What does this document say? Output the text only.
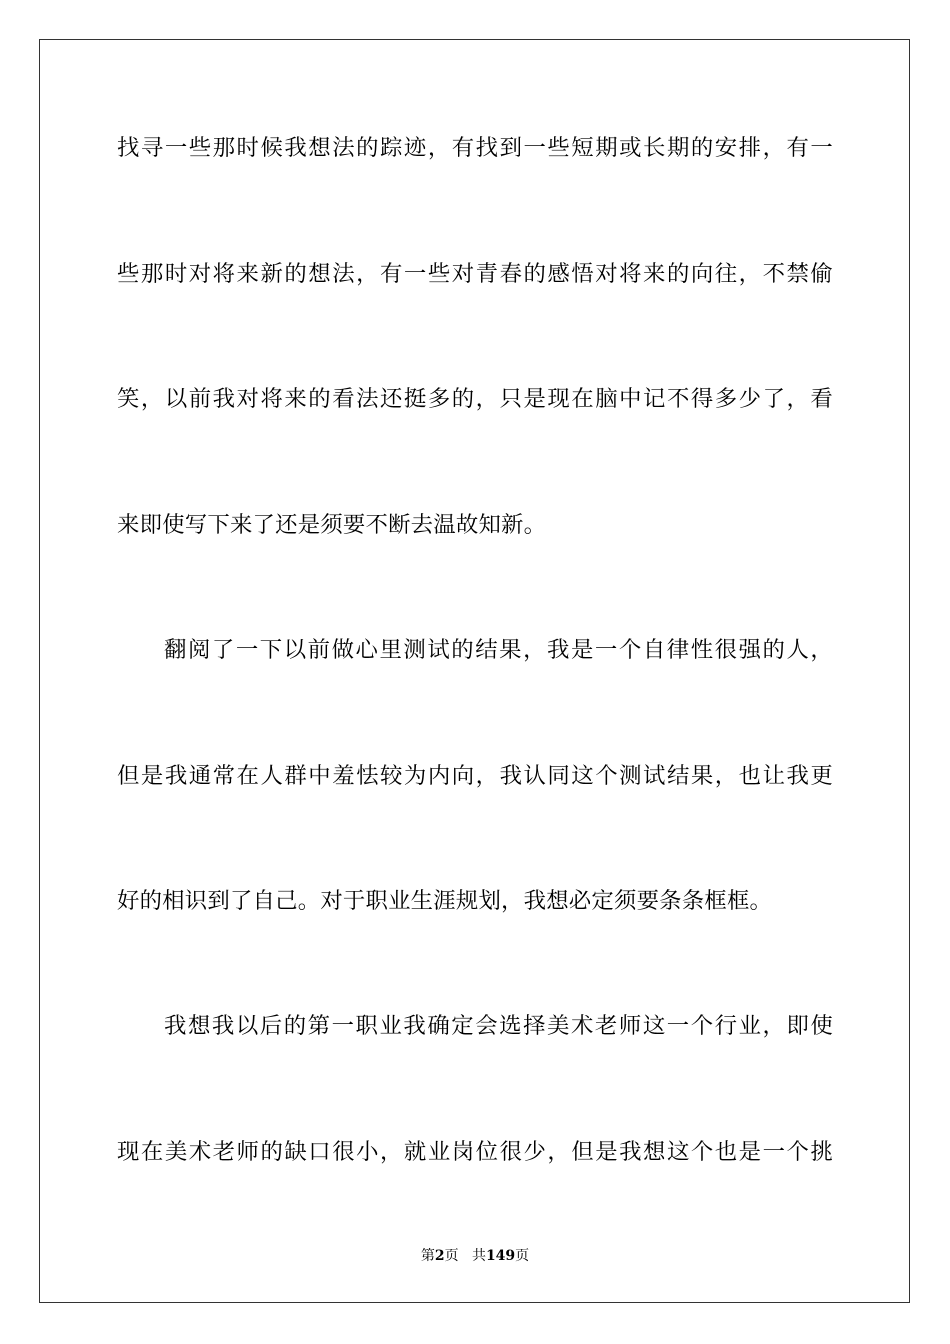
找寻一些那时候我想法的踪迹，有找到一些短期或长期的安排，有一
些那时对将来新的想法，有一些对青春的感悟对将来的向往，不禁偷
笑，以前我对将来的看法还挺多的，只是现在脑中记不得多少了，看
来即使写下来了还是须要不断去温故知新。
翻阅了一下以前做心里测试的结果，我是一个自律性很强的人，
但是我通常在人群中羞怯较为内向，我认同这个测试结果，也让我更
好的相识到了自己。对于职业生涯规划，我想必定须要条条框框。
我想我以后的第一职业我确定会选择美术老师这一个行业，即使
现在美术老师的缺口很小，就业岗位很少，但是我想这个也是一个挑
第2页 共149页
